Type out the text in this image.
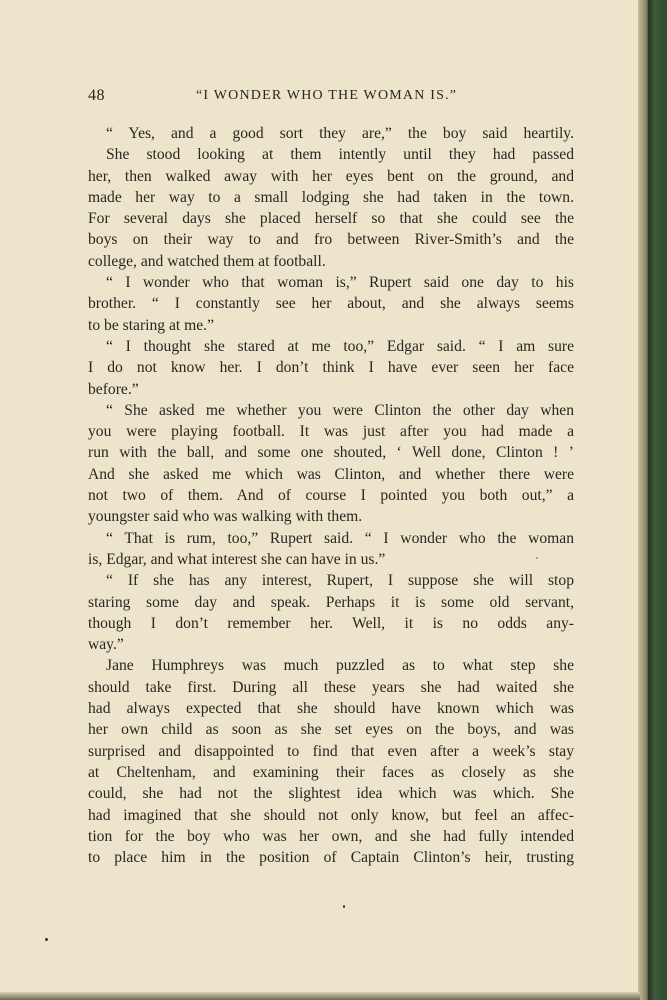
48	“I WONDER WHO THE WOMAN IS.”
“ Yes, and a good sort they are,” the boy said heartily.
She stood looking at them intently until they had passed
her, then walked away with her eyes bent on the ground, and
made her way to a small lodging she had taken in the town.
For several days she placed herself so that she could see the
boys on their way to and fro between River-Smith’s and the
college, and watched them at football.
“ I wonder who that woman is,” Rupert said one day to his
brother. “ I constantly see her about, and she always seems
to be staring at me.”
“ I thought she stared at me too,” Edgar said. “ I am sure
I do not know her. I don’t think I have ever seen her face
before.”
“ She asked me whether you were Clinton the other day when
you were playing football. It was just after you had made a
run with the ball, and some one shouted, ‘ Well done, Clinton ! ’
And she asked me which was Clinton, and whether there were
not two of them. And of course I pointed you both out,” a
youngster said who was walking with them.
“ That is rum, too,” Rupert said. “ I wonder who the woman
is, Edgar, and what interest she can have in us.”
“ If she has any interest, Rupert, I suppose she will stop
staring some day and speak. Perhaps it is some old servant,
though I don’t remember her. Well, it is no odds any-
way.”
Jane Humphreys was much puzzled as to what step she
should take first. During all these years she had waited she
had always expected that she should have known which was
her own child as soon as she set eyes on the boys, and was
surprised and disappointed to find that even after a week’s stay
at Cheltenham, and examining their faces as closely as she
could, she had not the slightest idea which was which. She
had imagined that she should not only know, but feel an affec-
tion for the boy who was her own, and she had fully intended
to place him in the position of Captain Clinton’s heir, trusting
